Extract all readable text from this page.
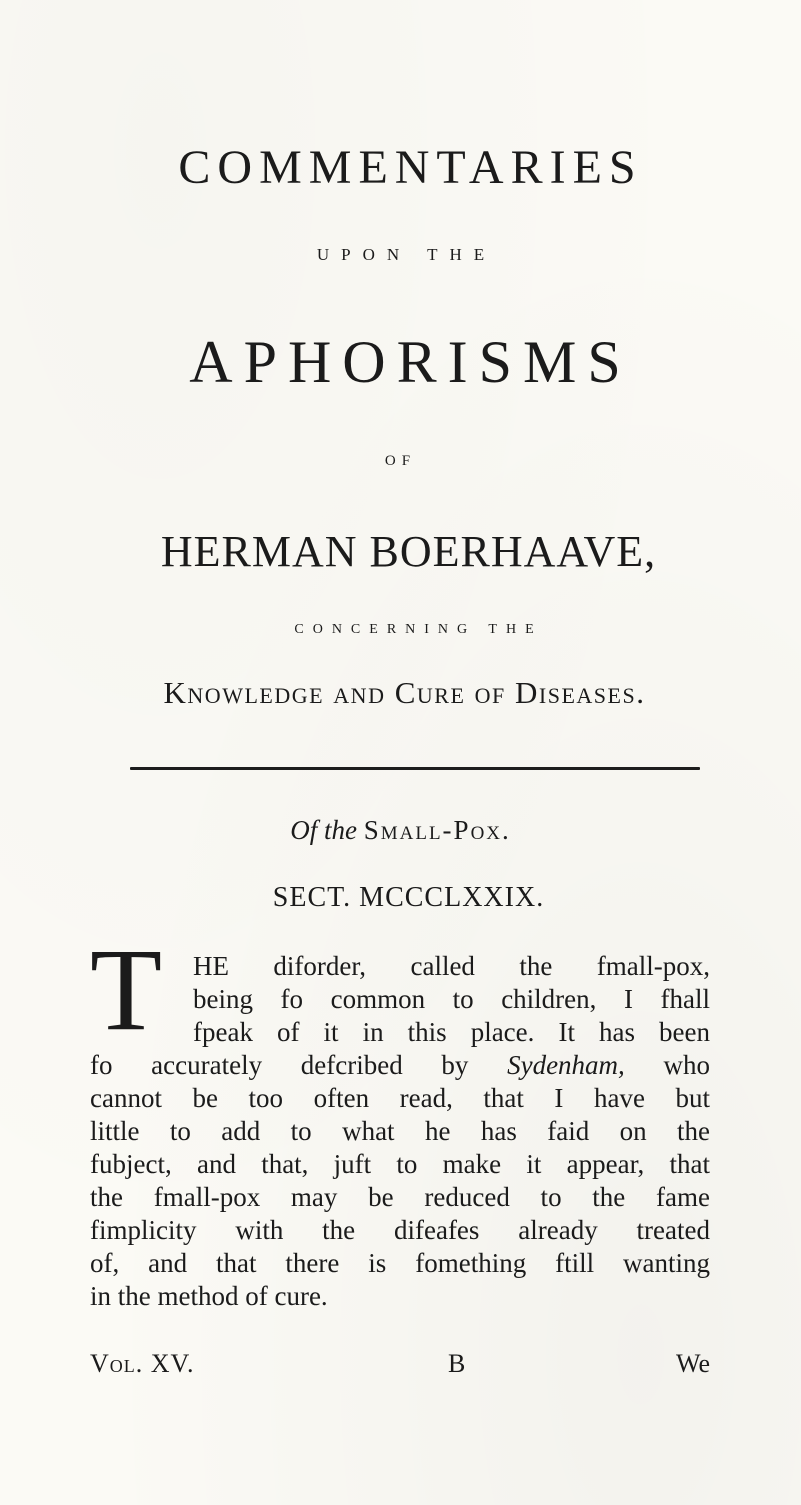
COMMENTARIES

UPON THE

APHORISMS

OF

HERMAN BOERHAAVE,

CONCERNING THE

Knowledge and Cure of Diseases.

Of the Small-Pox.

SECT. MCCCLXXIX.

T HE diforder, called the fmall-pox,

being fo common to children, I fhall

fpeak of it in this place. It has been

fo accurately defcribed by Sydenham, who

cannot be too often read, that I have but

little to add to what he has faid on the

fubject, and that, juft to make it appear, that

the fmall-pox may be reduced to the fame

fimplicity with the difeafes already treated

of, and that there is fomething ftill wanting

in the method of cure.

Vol. XV.	B	We
